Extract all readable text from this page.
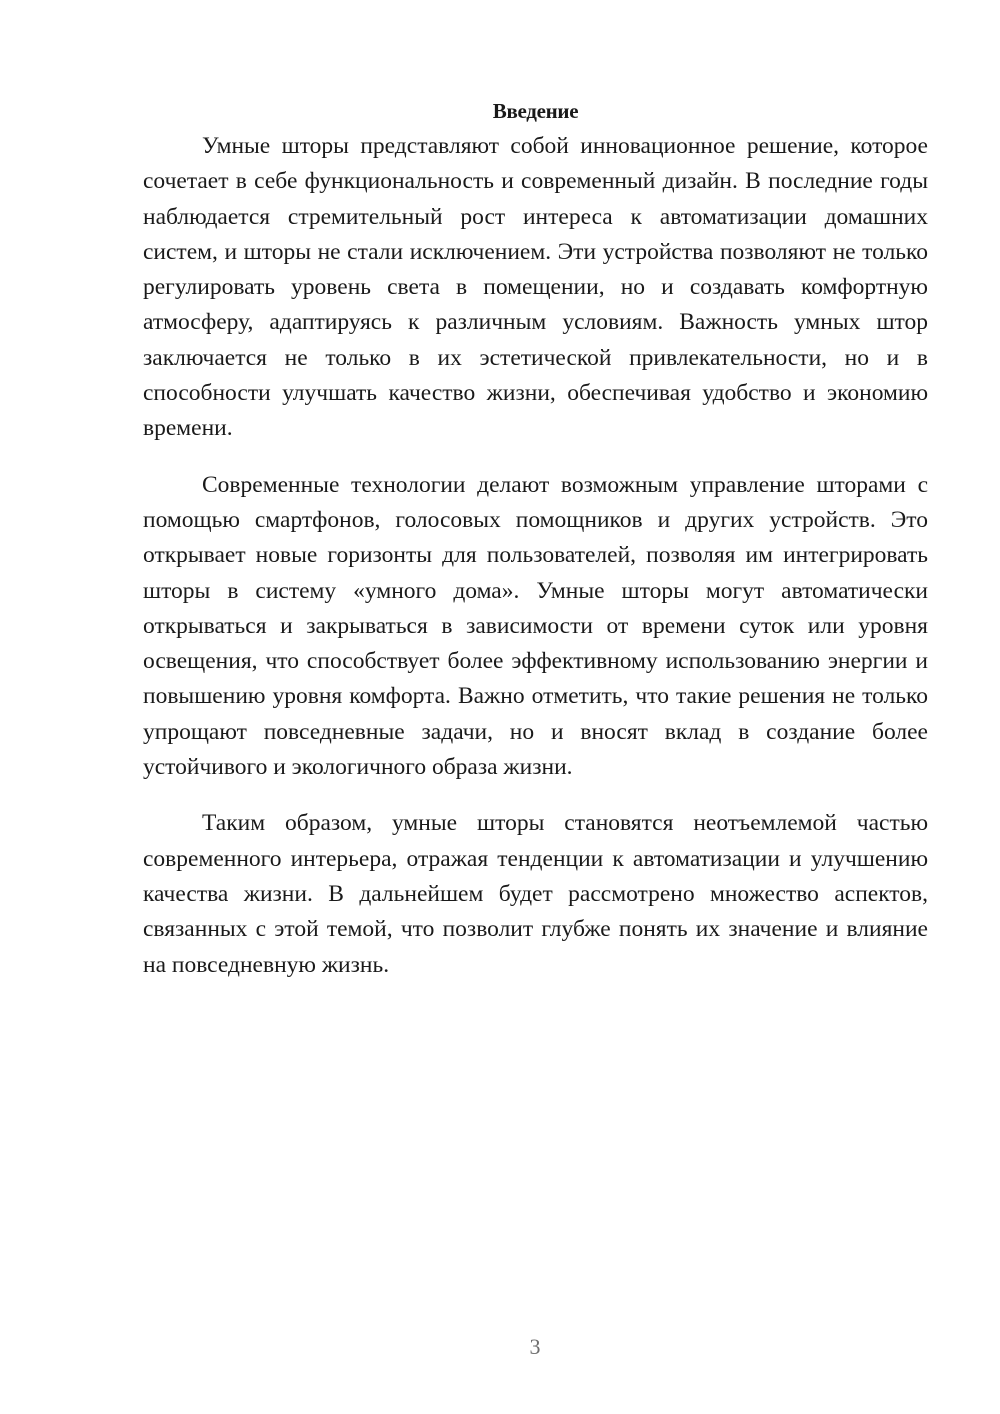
Введение

Умные шторы представляют собой инновационное решение, которое сочетает в себе функциональность и современный дизайн. В последние годы наблюдается стремительный рост интереса к автоматизации домашних систем, и шторы не стали исключением. Эти устройства позволяют не только регулировать уровень света в помещении, но и создавать комфортную атмосферу, адаптируясь к различным условиям. Важность умных штор заключается не только в их эстетической привлекательности, но и в способности улучшать качество жизни, обеспечивая удобство и экономию времени.

Современные технологии делают возможным управление шторами с помощью смартфонов, голосовых помощников и других устройств. Это открывает новые горизонты для пользователей, позволяя им интегрировать шторы в систему «умного дома». Умные шторы могут автоматически открываться и закрываться в зависимости от времени суток или уровня освещения, что способствует более эффективному использованию энергии и повышению уровня комфорта. Важно отметить, что такие решения не только упрощают повседневные задачи, но и вносят вклад в создание более устойчивого и экологичного образа жизни.

Таким образом, умные шторы становятся неотъемлемой частью современного интерьера, отражая тенденции к автоматизации и улучшению качества жизни. В дальнейшем будет рассмотрено множество аспектов, связанных с этой темой, что позволит глубже понять их значение и влияние на повседневную жизнь.

3
